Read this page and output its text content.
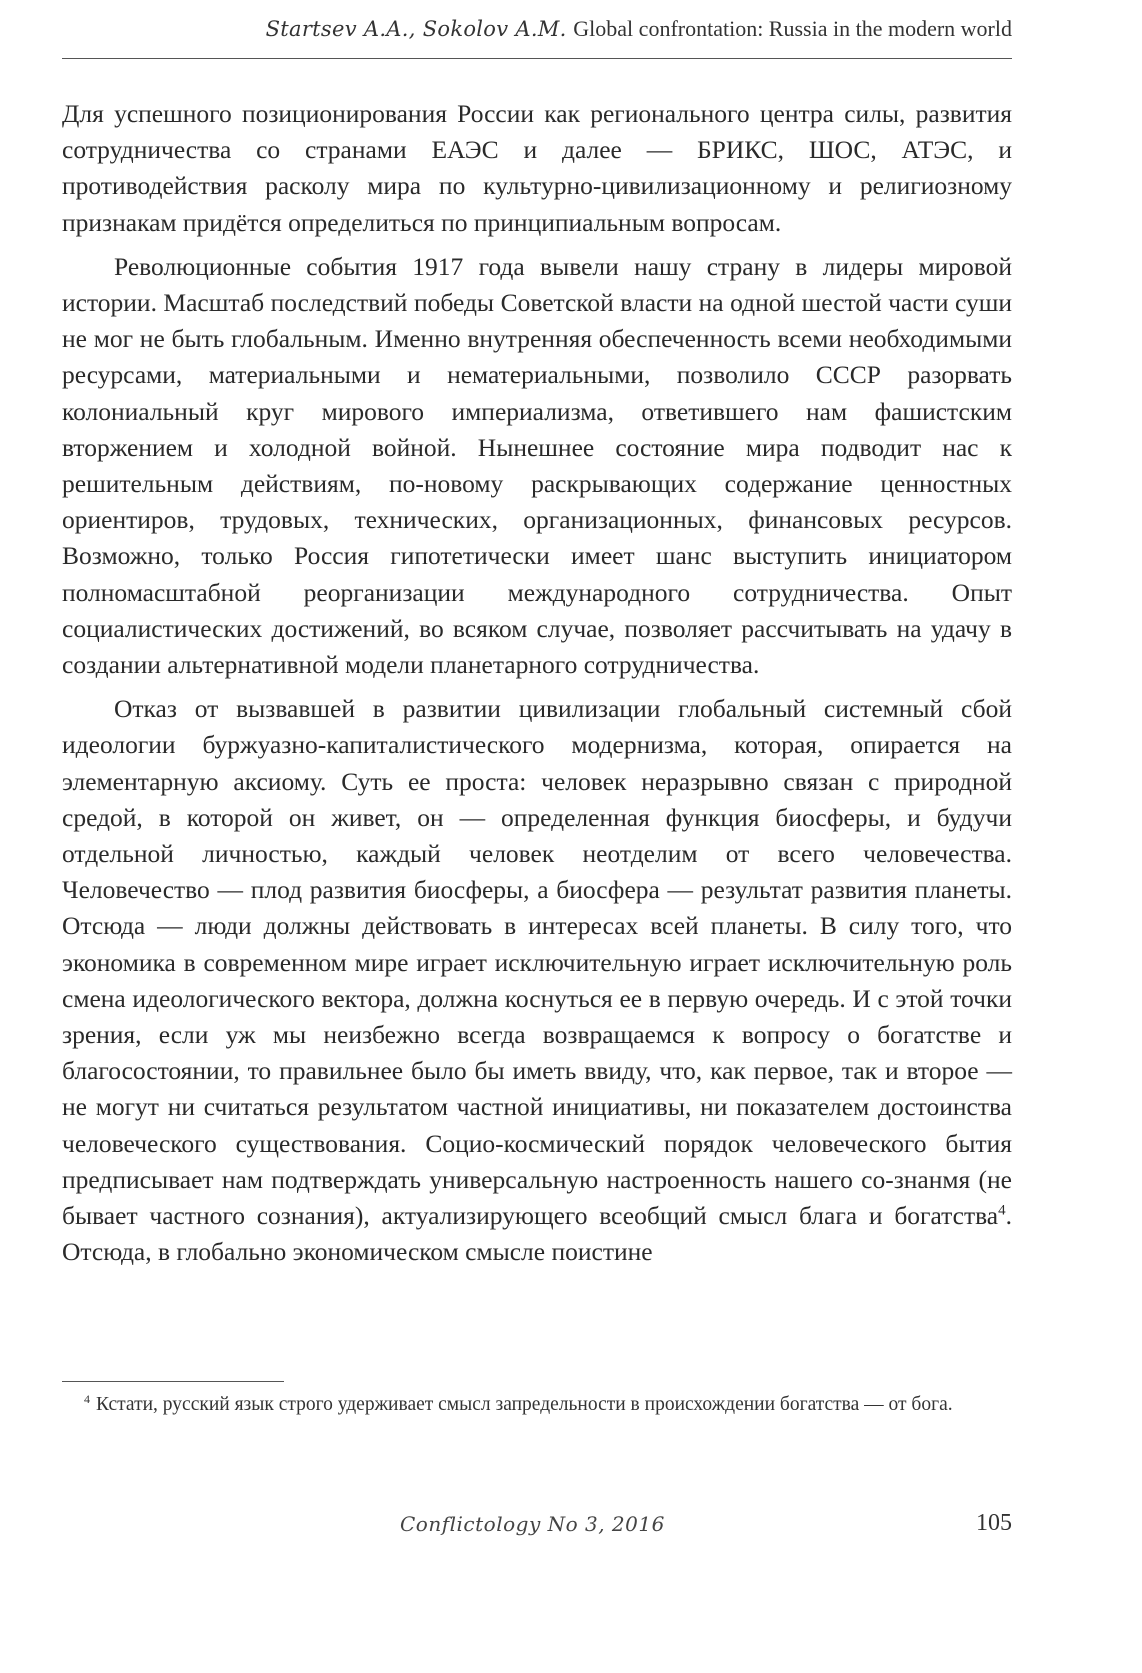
Startsev A.A., Sokolov A.M. Global confrontation: Russia in the modern world

Для успешного позиционирования России как регионального центра силы, развития сотрудничества со странами ЕАЭС и далее — БРИКС, ШОС, АТЭС, и противодействия расколу мира по культурно-цивилизационному и религиозному признакам придётся определиться по принципиальным вопросам.

Революционные события 1917 года вывели нашу страну в лидеры мировой истории. Масштаб последствий победы Советской власти на одной шестой части суши не мог не быть глобальным. Именно внутренняя обеспеченность всеми необходимыми ресурсами, материальными и нематериальными, позволило СССР разорвать колониальный круг мирового империализма, ответившего нам фашистским вторжением и холодной войной. Нынешнее состояние мира подводит нас к решительным действиям, по-новому раскрывающих содержание ценностных ориентиров, трудовых, технических, организационных, финансовых ресурсов. Возможно, только Россия гипотетически имеет шанс выступить инициатором полномасштабной реорганизации международного сотрудничества. Опыт социалистических достижений, во всяком случае, позволяет рассчитывать на удачу в создании альтернативной модели планетарного сотрудничества.

Отказ от вызвавшей в развитии цивилизации глобальный системный сбой идеологии буржуазно-капиталистического модернизма, которая, опирается на элементарную аксиому. Суть ее проста: человек неразрывно связан с природной средой, в которой он живет, он — определенная функция биосферы, и будучи отдельной личностью, каждый человек неотделим от всего человечества. Человечество — плод развития биосферы, а биосфера — результат развития планеты. Отсюда — люди должны действовать в интересах всей планеты. В силу того, что экономика в современном мире играет исключительную играет исключительную роль смена идеологического вектора, должна коснуться ее в первую очередь. И с этой точки зрения, если уж мы неизбежно всегда возвращаемся к вопросу о богатстве и благосостоянии, то правильнее было бы иметь ввиду, что, как первое, так и второе — не могут ни считаться результатом частной инициативы, ни показателем достоинства человеческого существования. Социо-космический порядок человеческого бытия предписывает нам подтверждать универсальную настроенность нашего со-знанмя (не бывает частного сознания), актуализирующего всеобщий смысл блага и богатства$^4$. Отсюда, в глобально экономическом смысле поистине

$^4$ Кстати, русский язык строго удерживает смысл запредельности в происхождении богатства — от бога.

Conflictology No 3, 2016	105
